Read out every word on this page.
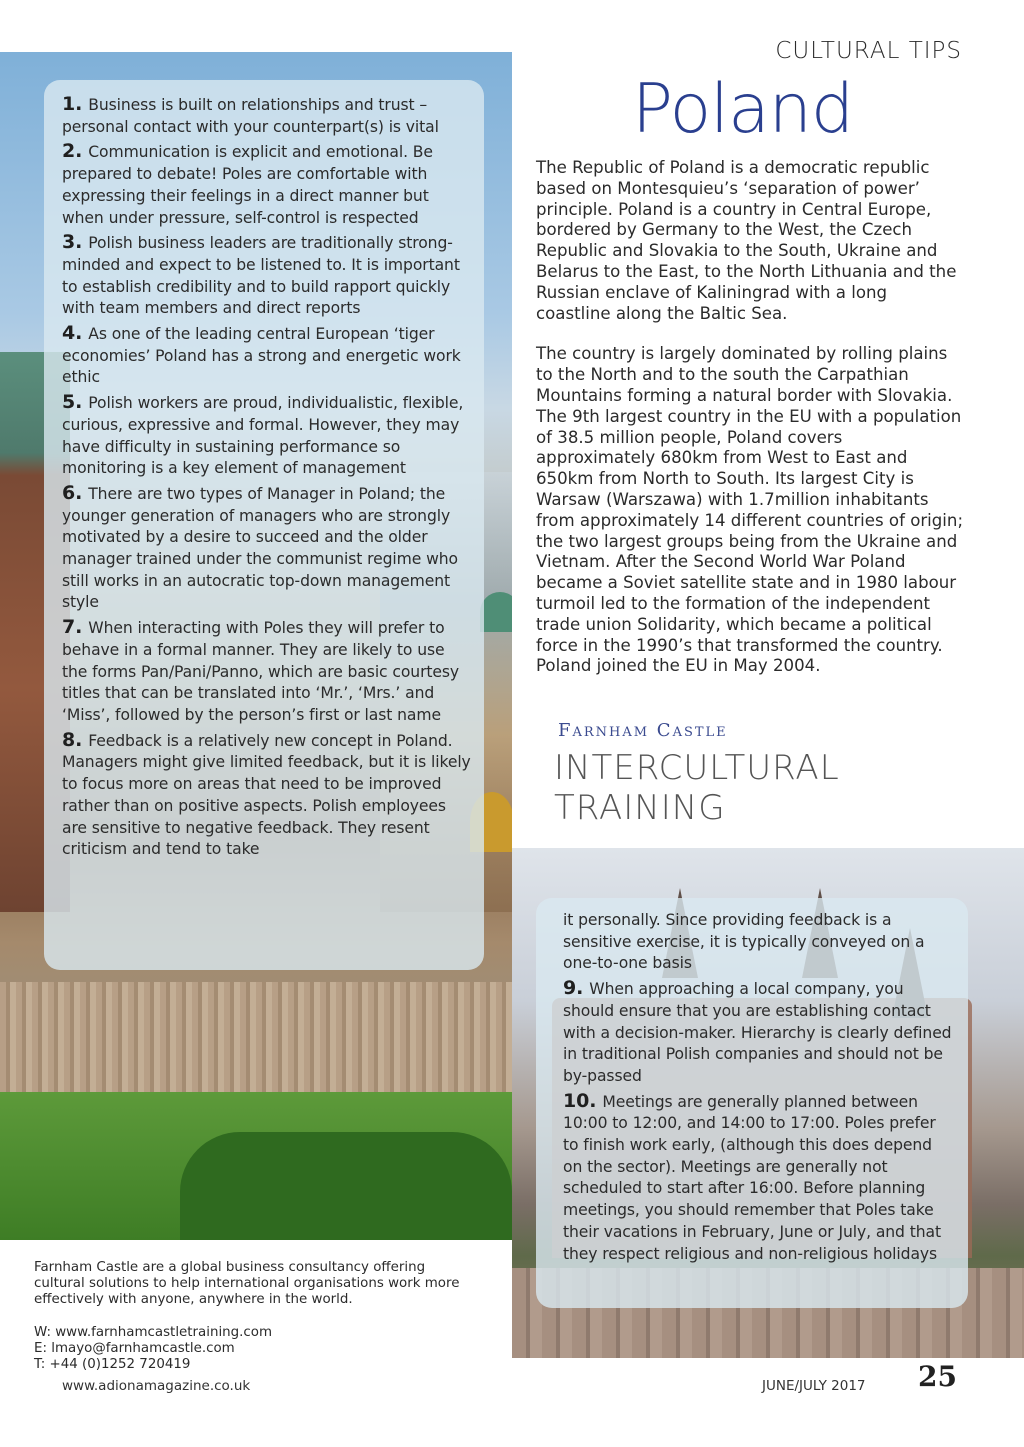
CULTURAL TIPS
Poland

The Republic of Poland is a democratic republic based on Montesquieu’s ‘separation of power’ principle. Poland is a country in Central Europe, bordered by Germany to the West, the Czech Republic and Slovakia to the South, Ukraine and Belarus to the East, to the North Lithuania and the Russian enclave of Kaliningrad with a long coastline along the Baltic Sea.

The country is largely dominated by rolling plains to the North and to the south the Carpathian Mountains forming a natural border with Slovakia. The 9th largest country in the EU with a population of 38.5 million people, Poland covers approximately 680km from West to East and 650km from North to South. Its largest City is Warsaw (Warszawa) with 1.7million inhabitants from approximately 14 different countries of origin; the two largest groups being from the Ukraine and Vietnam. After the Second World War Poland became a Soviet satellite state and in 1980 labour turmoil led to the formation of the independent trade union Solidarity, which became a political force in the 1990’s that transformed the country. Poland joined the EU in May 2004.

1. Business is built on relationships and trust – personal contact with your counterpart(s) is vital
2. Communication is explicit and emotional. Be prepared to debate! Poles are comfortable with expressing their feelings in a direct manner but when under pressure, self-control is respected
3. Polish business leaders are traditionally strong-minded and expect to be listened to. It is important to establish credibility and to build rapport quickly with team members and direct reports
4. As one of the leading central European ‘tiger economies’ Poland has a strong and energetic work ethic
5. Polish workers are proud, individualistic, flexible, curious, expressive and formal. However, they may have difficulty in sustaining performance so monitoring is a key element of management
6. There are two types of Manager in Poland; the younger generation of managers who are strongly motivated by a desire to succeed and the older manager trained under the communist regime who still works in an autocratic top-down management style
7. When interacting with Poles they will prefer to behave in a formal manner. They are likely to use the forms Pan/Pani/Panno, which are basic courtesy titles that can be translated into ‘Mr.’, ‘Mrs.’ and ‘Miss’, followed by the person’s first or last name
8. Feedback is a relatively new concept in Poland. Managers might give limited feedback, but it is likely to focus more on areas that need to be improved rather than on positive aspects. Polish employees are sensitive to negative feedback. They resent criticism and tend to take
it personally. Since providing feedback is a sensitive exercise, it is typically conveyed on a one-to-one basis
9. When approaching a local company, you should ensure that you are establishing contact with a decision-maker. Hierarchy is clearly defined in traditional Polish companies and should not be by-passed
10. Meetings are generally planned between 10:00 to 12:00, and 14:00 to 17:00. Poles prefer to finish work early, (although this does depend on the sector). Meetings are generally not scheduled to start after 16:00. Before planning meetings, you should remember that Poles take their vacations in February, June or July, and that they respect religious and non-religious holidays
Farnham Castle
INTERCULTURAL
TRAINING
Farnham Castle are a global business consultancy offering cultural solutions to help international organisations work more effectively with anyone, anywhere in the world.
W: www.farnhamcastletraining.com
E: lmayo@farnhamcastle.com
T: +44 (0)1252 720419
www.adionamagazine.co.uk	JUNE/JULY 2017 25
